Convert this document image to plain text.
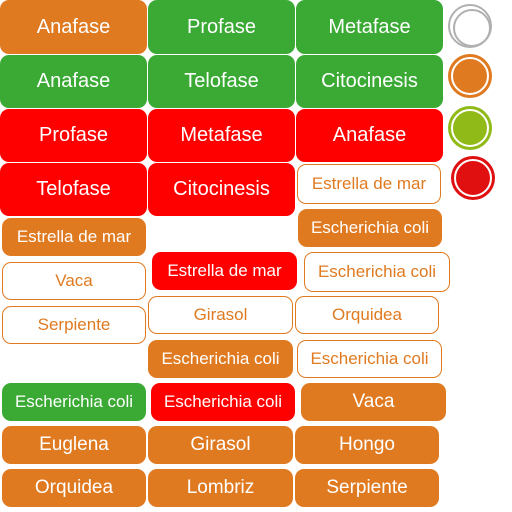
Anafase	Profase	Metafase
Anafase	Telofase	Citocinesis
Profase	Metafase	Anafase
Telofase	Citocinesis	Estrella de mar
Estrella de mar	Escherichia coli
Estrella de mar	Escherichia coli
Vaca
Serpiente
Girasol	Orquidea
Escherichia coli	Escherichia coli
Escherichia coli	Escherichia coli	Vaca
Euglena	Girasol	Hongo
Orquidea	Lombriz	Serpiente
